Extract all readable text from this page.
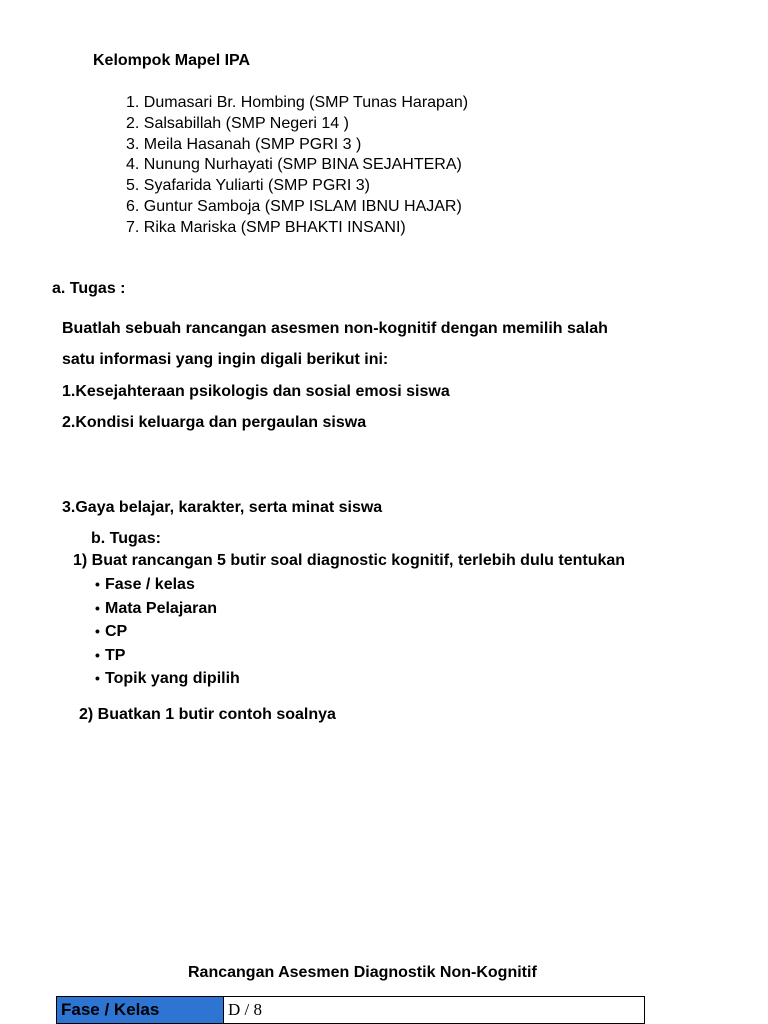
Kelompok Mapel IPA
1. Dumasari Br. Hombing (SMP Tunas Harapan)
2. Salsabillah (SMP Negeri 14 )
3. Meila Hasanah (SMP PGRI 3 )
4. Nunung Nurhayati (SMP BINA SEJAHTERA)
5. Syafarida Yuliarti (SMP PGRI 3)
6. Guntur Samboja (SMP ISLAM IBNU HAJAR)
7. Rika Mariska (SMP BHAKTI INSANI)
a. Tugas :
Buatlah sebuah rancangan asesmen non-kognitif dengan memilih salah
satu informasi yang ingin digali berikut ini:
1.Kesejahteraan psikologis dan sosial emosi siswa
2.Kondisi keluarga dan pergaulan siswa
3.Gaya belajar, karakter, serta minat siswa
b. Tugas:
1) Buat rancangan 5 butir soal diagnostic kognitif, terlebih dulu tentukan
• Fase / kelas
• Mata Pelajaran
• CP
• TP
• Topik yang dipilih
2) Buatkan 1 butir contoh soalnya
Rancangan Asesmen Diagnostik Non-Kognitif
Fase / Kelas	D / 8
